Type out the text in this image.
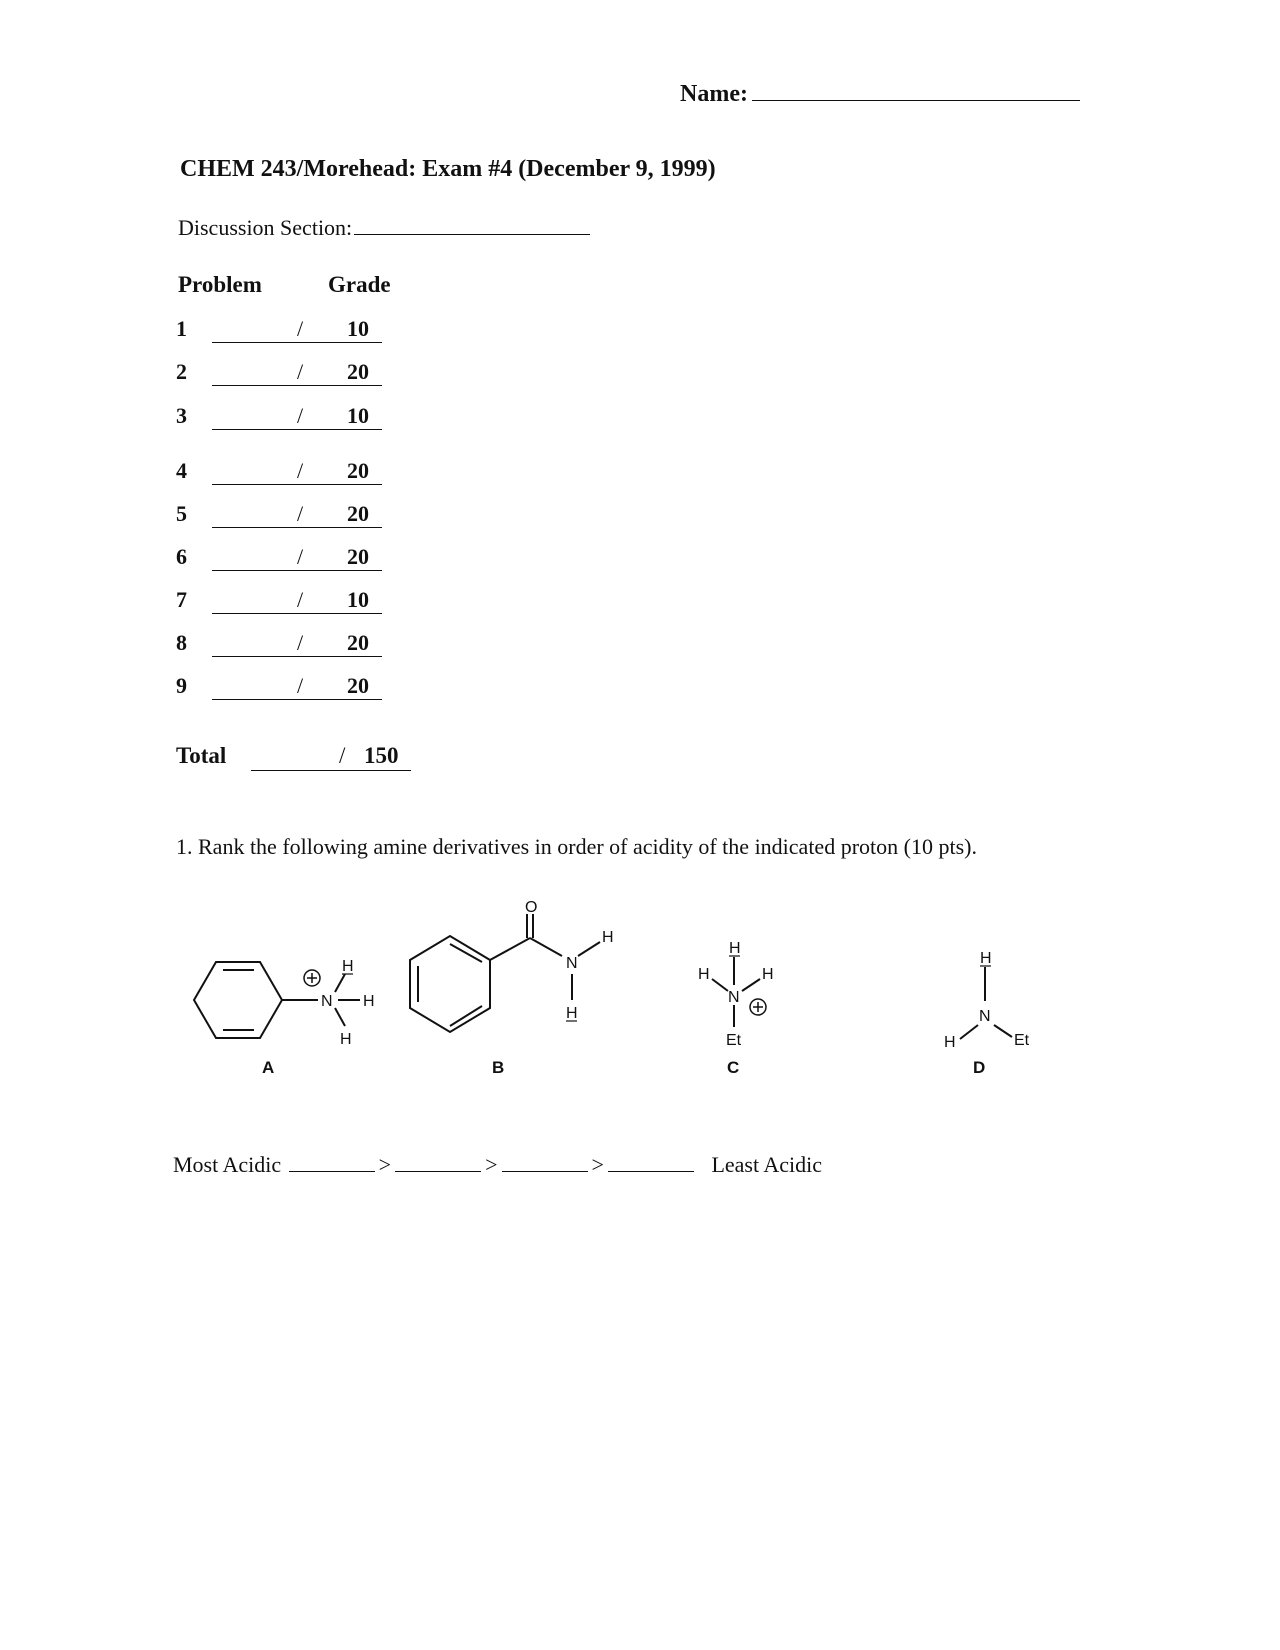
Name:
CHEM 243/Morehead: Exam #4 (December 9, 1999)
Discussion Section:
Problem	Grade
1	/ 10
2	/ 20
3	/ 10
4	/ 20
5	/ 20
6	/ 20
7	/ 10
8	/ 20
9	/ 20
Total	/ 150
1. Rank the following amine derivatives in order of acidity of the indicated proton (10 pts).
N
H
H
H
A
O
N
H
H
B
H
H	H
N
Et
C
H
N
H	Et
D
Most Acidic	>	>	>	Least Acidic
